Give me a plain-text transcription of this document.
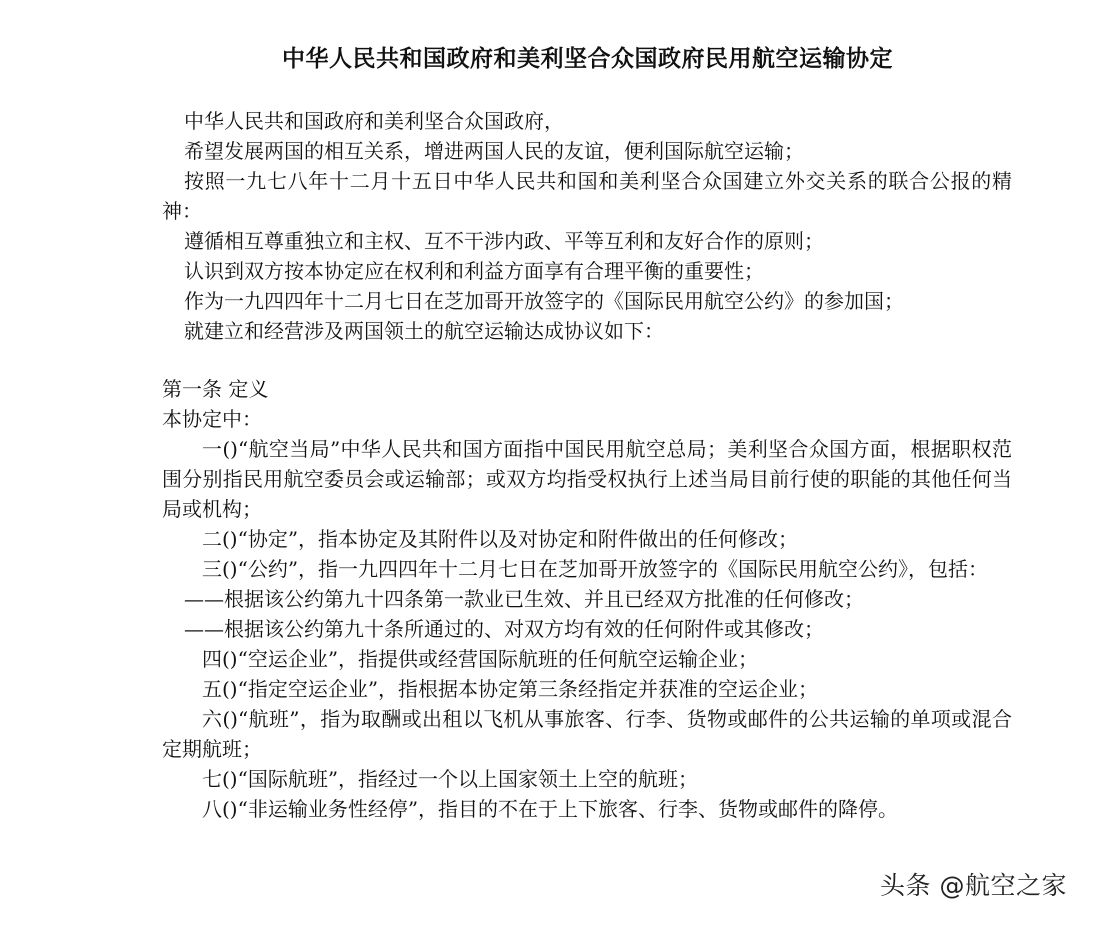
中华人民共和国政府和美利坚合众国政府民用航空运输协定

中华人民共和国政府和美利坚合众国政府，

希望发展两国的相互关系，增进两国人民的友谊，便利国际航空运输；

按照一九七八年十二月十五日中华人民共和国和美利坚合众国建立外交关系的联合公报的精神：

遵循相互尊重独立和主权、互不干涉内政、平等互利和友好合作的原则；

认识到双方按本协定应在权利和利益方面享有合理平衡的重要性；

作为一九四四年十二月七日在芝加哥开放签字的《国际民用航空公约》的参加国；

就建立和经营涉及两国领土的航空运输达成协议如下：

第一条 定义

本协定中：

一()“航空当局”中华人民共和国方面指中国民用航空总局；美利坚合众国方面，根据职权范围分别指民用航空委员会或运输部；或双方均指受权执行上述当局目前行使的职能的其他任何当局或机构；

二()“协定”，指本协定及其附件以及对协定和附件做出的任何修改；

三()“公约”，指一九四四年十二月七日在芝加哥开放签字的《国际民用航空公约》，包括：

——根据该公约第九十四条第一款业已生效、并且已经双方批准的任何修改；

——根据该公约第九十条所通过的、对双方均有效的任何附件或其修改；

四()“空运企业”，指提供或经营国际航班的任何航空运输企业；

五()“指定空运企业”，指根据本协定第三条经指定并获准的空运企业；

六()“航班”，指为取酬或出租以飞机从事旅客、行李、货物或邮件的公共运输的单项或混合定期航班；

七()“国际航班”，指经过一个以上国家领土上空的航班；

八()“非运输业务性经停”，指目的不在于上下旅客、行李、货物或邮件的降停。

头条 @航空之家
